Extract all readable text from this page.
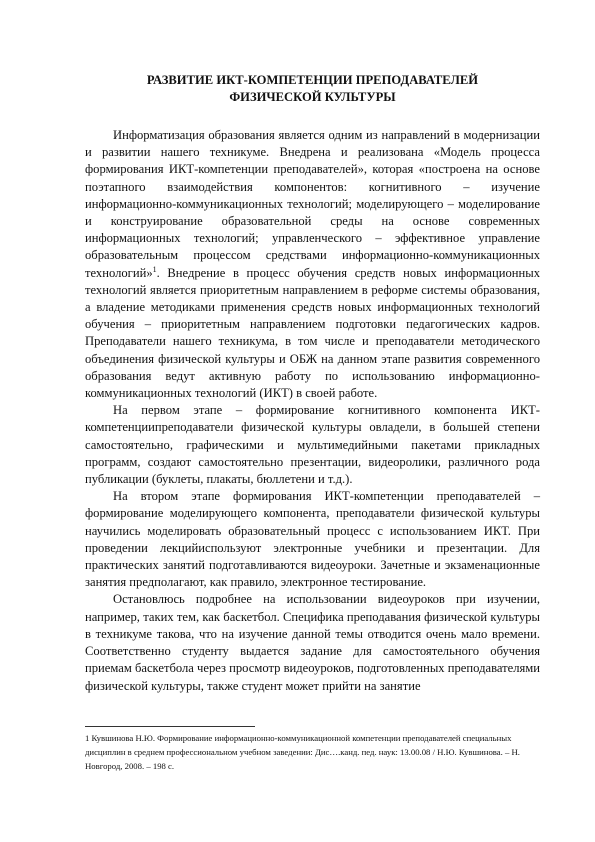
РАЗВИТИЕ ИКТ-КОМПЕТЕНЦИИ ПРЕПОДАВАТЕЛЕЙ
ФИЗИЧЕСКОЙ КУЛЬТУРЫ

Информатизация образования является одним из направлений в модернизации и развитии нашего техникуме. Внедрена и реализована «Модель процесса формирования ИКТ-компетенции преподавателей», которая «построена на основе поэтапного взаимодействия компонентов: когнитивного – изучение информационно-коммуникационных технологий; моделирующего – моделирование и конструирование образовательной среды на основе современных информационных технологий; управленческого – эффективное управление образовательным процессом средствами информационно-коммуникационных технологий»$^1$. Внедрение в процесс обучения средств новых информационных технологий является приоритетным направлением в реформе системы образования, а владение методиками применения средств новых информационных технологий обучения – приоритетным направлением подготовки педагогических кадров. Преподаватели нашего техникума, в том числе и преподаватели методического объединения физической культуры и ОБЖ на данном этапе развития современного образования ведут активную работу по использованию информационно-коммуникационных технологий (ИКТ) в своей работе.

На первом этапе – формирование когнитивного компонента ИКТ-компетенциипреподаватели физической культуры овладели, в большей степени самостоятельно, графическими и мультимедийными пакетами прикладных программ, создают самостоятельно презентации, видеоролики, различного рода публикации (буклеты, плакаты, бюллетени и т.д.).

На втором этапе формирования ИКТ-компетенции преподавателей – формирование моделирующего компонента, преподаватели физической культуры научились моделировать образовательный процесс с использованием ИКТ. При проведении лекцийиспользуют электронные учебники и презентации. Для практических занятий подготавливаются видеоуроки. Зачетные и экзаменационные занятия предполагают, как правило, электронное тестирование.

Остановлюсь подробнее на использовании видеоуроков при изучении, например, таких тем, как баскетбол. Специфика преподавания физической культуры в техникуме такова, что на изучение данной темы отводится очень мало времени. Соответственно студенту выдается задание для самостоятельного обучения приемам баскетбола через просмотр видеоуроков, подготовленных преподавателями физической культуры, также студент может прийти на занятие

1 Кувшинова Н.Ю. Формирование информационно-коммуникационной компетенции преподавателей специальных дисциплин в среднем профессиональном учебном заведении: Дис….канд. пед. наук: 13.00.08 / Н.Ю. Кувшинова. – Н. Новгород, 2008. – 198 с.
